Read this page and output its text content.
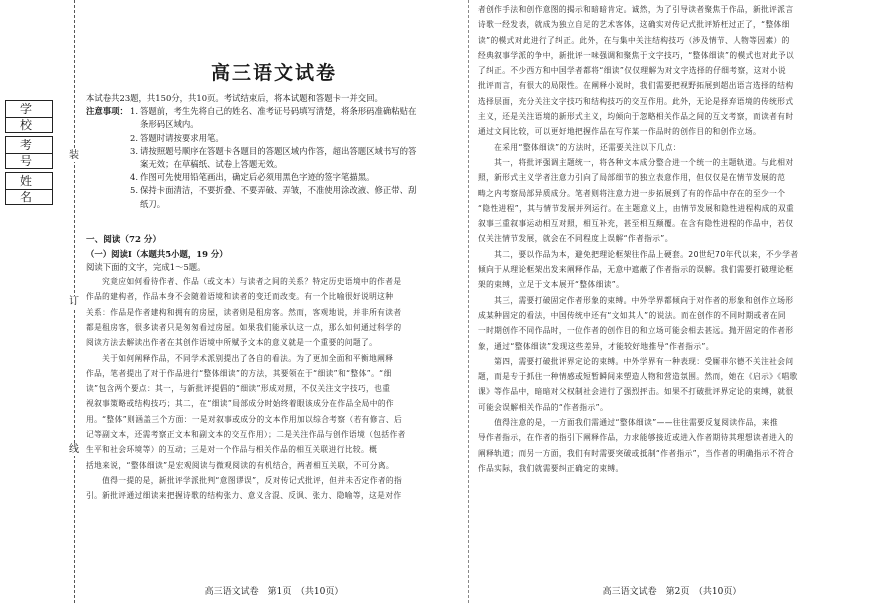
装
订
线
学　校
考　号
姓　名
高三语文试卷
本试卷共23题，共150分，共10页。考试结束后，将本试题和答题卡一并交回。
注意事项： 1. 答题前，考生先将自己的姓名、准考证号码填写清楚，将条形码准确粘贴在
条形码区域内。
2. 答题时请按要求用笔。
3. 请按照题号顺序在答题卡各题目的答题区域内作答，超出答题区域书写的答
案无效；在草稿纸、试卷上答题无效。
4. 作图可先使用铅笔画出，确定后必须用黑色字迹的签字笔描黑。
5. 保持卡面清洁，不要折叠、不要弄破、弄皱，不准使用涂改液、修正带、刮
纸刀。
一、阅读（72 分）
（一）阅读Ⅰ（本题共5小题，19 分）
阅读下面的文字，完成1～5题。
　　究竟应如何看待作者、作品（或文本）与读者之间的关系？特定历史语境中的作者是
作品的建构者，作品本身不会随着语境和读者的变迁而改变。有一个比喻很好说明这种
关系：作品是作者建构和拥有的房屋，读者则是租房客。然而，客观地说，并非所有读者
都是租房客，很多读者只是匆匆看过房屋。如果我们能承认这一点，那么如何通过科学的
阅读方法去解读出作者在其创作语境中所赋予文本的意义就是一个重要的问题了。
　　关于如何阐释作品，不同学术派别提出了各自的看法。为了更加全面和平衡地阐释
作品，笔者提出了对于作品进行“整体细读”的方法，其要领在于“细读”和“整体”。“细
读”包含两个要点：其一，与新批评提倡的“细读”形成对照，不仅关注文字技巧，也重
视叙事策略或结构技巧；其二，在“细读”局部成分时始终着眼该成分在作品全局中的作
用。“整体”则涵盖三个方面：一是对叙事或成分的文本作用加以综合考察（若有修言、后
记等副文本，还需考察正文本和副文本的交互作用）；二是关注作品与创作语境（包括作者
生平和社会环境等）的互动；三是对一个作品与相关作品的相互关联进行比较。概
括地来说，“整体细读”是宏观阅读与微观阅读的有机结合，两者相互关联，不可分离。
　　值得一提的是，新批评学派批判“意图谬误”，反对传记式批评，但并未否定作者的指
引。新批评通过细读来把握诗歌的结构张力、意义含混、反讽、张力、隐喻等，这是对作
高三语文试卷　第1页　（共10页）
者创作手法和创作意图的揭示和暗暗肯定。诚然，为了引导读者聚焦于作品，新批评派言
诗歌一经发表，就成为独立自足的艺术客体，这确实对传记式批评矫枉过正了，“整体细
读”的模式对此进行了纠正。此外，在与集中关注结构技巧（涉及情节、人物等因素）的
经典叙事学派的争中，新批评一味强调和聚焦于文字技巧，“整体细读”的模式也对此予以
了纠正。不少西方和中国学者都将“细读”仅仅理解为对文字选择的仔细考察，这对小说
批评而言，有很大的局限性。在阐释小说时，我们需要把视野拓展到超出语言选择的结构
选择层面，充分关注文字技巧和结构技巧的交互作用。此外，无论是择弃语境的传统形式
主义，还是关注语境的新形式主义，均倾向于忽略相关作品之间的互文考察，而读者有时
通过文间比较，可以更好地把握作品在写作某一作品时的创作目的和创作立场。
　　在采用“整体细读”的方法时，还需要关注以下几点：
　　其一，将批评强调主题统一，将各种文本成分整合进一个统一的主题轨道。与此相对
照，新形式主义学者注意力引向了局部细节的独立表意作用，但仅仅是在情节发展的范
畴之内考察局部异质成分。笔者则将注意力进一步拓展到了有的作品中存在的至少一个
“隐性进程”，其与情节发展并列运行。在主题意义上，由情节发展和隐性进程构成的双重
叙事三重叙事运动相互对照，相互补充，甚至相互颠覆。在含有隐性进程的作品中，若仅
仅关注情节发展，就会在不同程度上误解“作者指示”。
　　其二，要以作品为本，避免把理论框架往作品上硬套。20世纪70年代以来，不少学者
倾向于从理论框架出发来阐释作品，无意中遮蔽了作者指示的误解。我们需要打破理论框
架的束缚，立足于文本展开“整体细读”。
　　其三，需要打破固定作者形象的束缚。中外学界都倾向于对作者的形象和创作立场形
成某种固定的看法，中国传统中还有“文如其人”的说法。而在创作的不同时期或者在同
一时期创作不同作品时，一位作者的创作目的和立场可能会相去甚远。抛开固定的作者形
象，通过“整体细读”发现这些差异，才能较好地推导“作者指示”。
　　第四，需要打破批评界定论的束缚。中外学界有一种表现：受厮菲尔德不关注社会问
题，而是专于抓住一种情感或短暂瞬间来塑造人物和营造氛围。然而，她在《启示》《唱歌
课》等作品中，暗暗对父权制社会进行了强烈抨击。如果不打破批评界定论的束缚，就很
可能会误解相关作品的“作者指示”。
　　值得注意的是，一方面我们需通过“整体细读”——往往需要反复阅读作品，来推
导作者指示，在作者的指引下阐释作品，力求能够接近或进入作者期待其理想读者进入的
阐释轨道；而另一方面，我们有时需要突破或抵制“作者指示”，当作者的明确指示不符合
作品实际，我们就需要纠正确定的束缚。
高三语文试卷　第2页　（共10页）
